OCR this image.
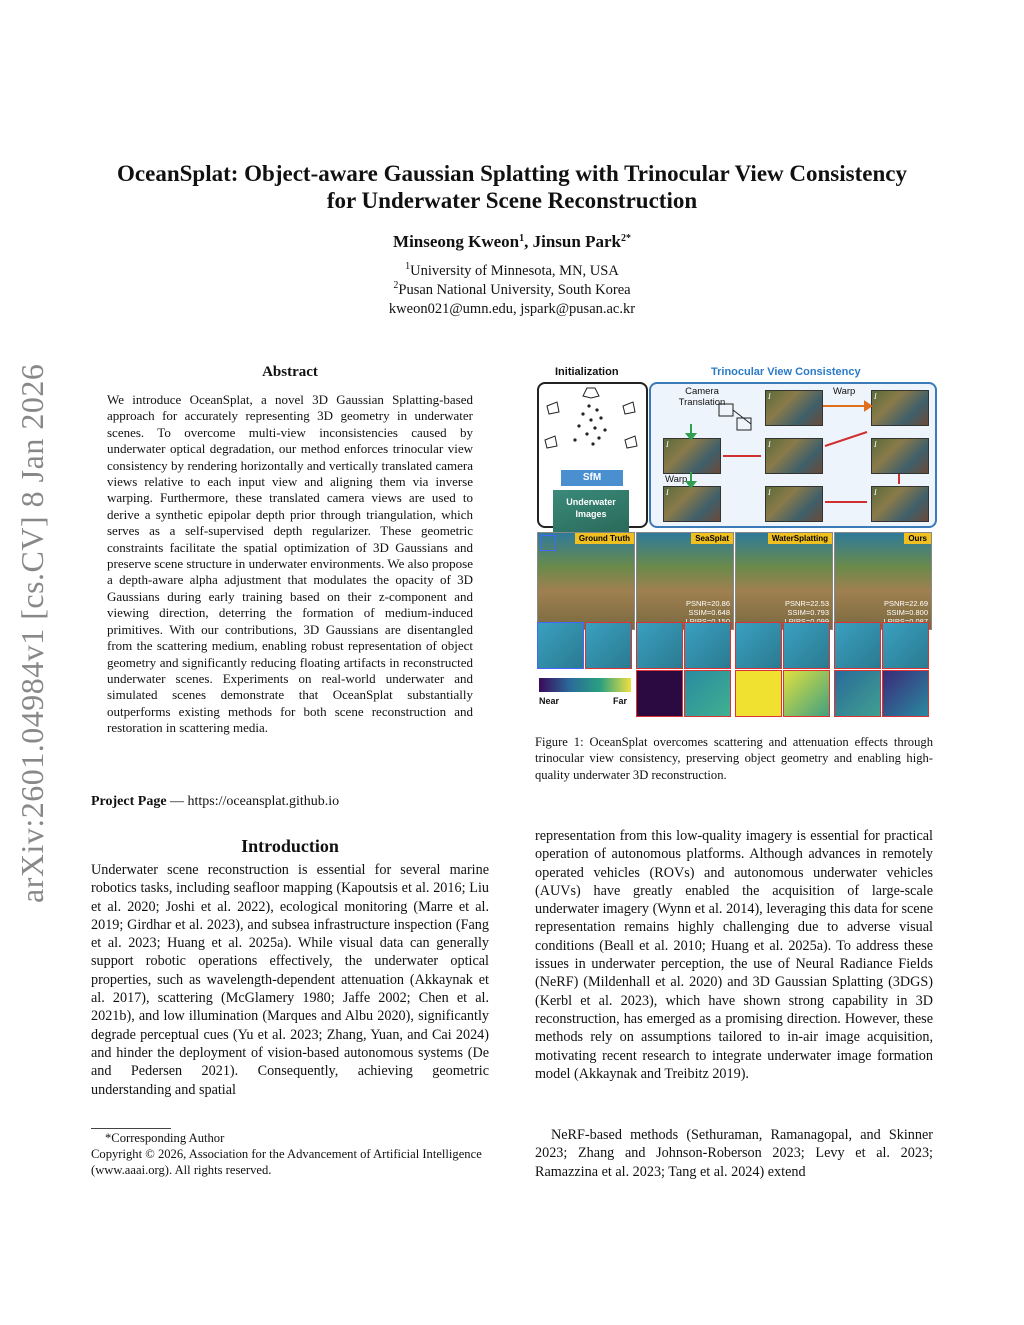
arXiv:2601.04984v1 [cs.CV] 8 Jan 2026
OceanSplat: Object-aware Gaussian Splatting with Trinocular View Consistency
for Underwater Scene Reconstruction
Minseong Kweon$^1$, Jinsun Park$^{2*}$
$^1$University of Minnesota, MN, USA
$^2$Pusan National University, South Korea
kweon021@umn.edu, jspark@pusan.ac.kr
Abstract
We introduce OceanSplat, a novel 3D Gaussian Splatting-based approach for accurately representing 3D geometry in underwater scenes. To overcome multi-view inconsistencies caused by underwater optical degradation, our method enforces trinocular view consistency by rendering horizontally and vertically translated camera views relative to each input view and aligning them via inverse warping. Furthermore, these translated camera views are used to derive a synthetic epipolar depth prior through triangulation, which serves as a self-supervised depth regularizer. These geometric constraints facilitate the spatial optimization of 3D Gaussians and preserve scene structure in underwater environments. We also propose a depth-aware alpha adjustment that modulates the opacity of 3D Gaussians during early training based on their z-component and viewing direction, deterring the formation of medium-induced primitives. With our contributions, 3D Gaussians are disentangled from the scattering medium, enabling robust representation of object geometry and significantly reducing floating artifacts in reconstructed underwater scenes. Experiments on real-world underwater and simulated scenes demonstrate that OceanSplat substantially outperforms existing methods for both scene reconstruction and restoration in scattering media.
Project Page — https://oceansplat.github.io
Introduction
Underwater scene reconstruction is essential for several marine robotics tasks, including seafloor mapping (Kapoutsis et al. 2016; Liu et al. 2020; Joshi et al. 2022), ecological monitoring (Marre et al. 2019; Girdhar et al. 2023), and subsea infrastructure inspection (Fang et al. 2023; Huang et al. 2025a). While visual data can generally support robotic operations effectively, the underwater optical properties, such as wavelength-dependent attenuation (Akkaynak et al. 2017), scattering (McGlamery 1980; Jaffe 2002; Chen et al. 2021b), and low illumination (Marques and Albu 2020), significantly degrade perceptual cues (Yu et al. 2023; Zhang, Yuan, and Cai 2024) and hinder the deployment of vision-based autonomous systems (De and Pedersen 2021). Consequently, achieving geometric understanding and spatial
*Corresponding Author
Copyright © 2026, Association for the Advancement of Artificial Intelligence (www.aaai.org). All rights reserved.
Initialization	Trinocular View Consistency
SfM
Underwater Images
Camera Translation
Warp
Warp
I	I
I	I	I
I	I	I
Ground Truth	SeaSplat
PSNR=20.86
SSIM=0.648

WaterSplatting
PSNR=22.53
SSIM=0.793

Ours
PSNR=22.69
SSIM=0.800

Near	Far
Figure 1: OceanSplat overcomes scattering and attenuation effects through trinocular view consistency, preserving object geometry and enabling high-quality underwater 3D reconstruction.
representation from this low-quality imagery is essential for practical operation of autonomous platforms. Although advances in remotely operated vehicles (ROVs) and autonomous underwater vehicles (AUVs) have greatly enabled the acquisition of large-scale underwater imagery (Wynn et al. 2014), leveraging this data for scene representation remains highly challenging due to adverse visual conditions (Beall et al. 2010; Huang et al. 2025a). To address these issues in underwater perception, the use of Neural Radiance Fields (NeRF) (Mildenhall et al. 2020) and 3D Gaussian Splatting (3DGS) (Kerbl et al. 2023), which have shown strong capability in 3D reconstruction, has emerged as a promising direction. However, these methods rely on assumptions tailored to in-air image acquisition, motivating recent research to integrate underwater image formation model (Akkaynak and Treibitz 2019).
NeRF-based methods (Sethuraman, Ramanagopal, and Skinner 2023; Zhang and Johnson-Roberson 2023; Levy et al. 2023; Ramazzina et al. 2023; Tang et al. 2024) extend
